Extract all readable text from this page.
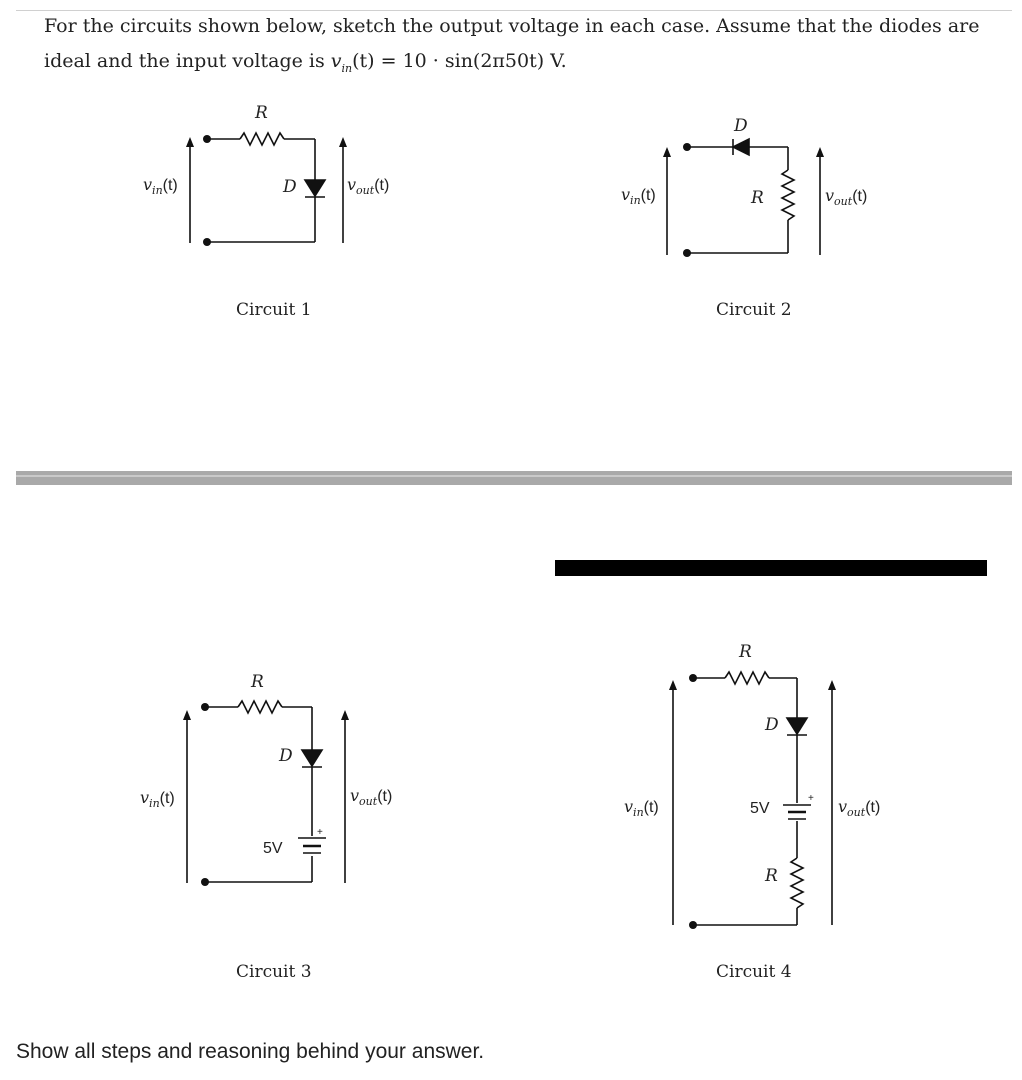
For the circuits shown below, sketch the output voltage in each case. Assume that the diodes are
ideal and the input voltage is $v_{in}(t) = 10 \cdot \sin(2\pi 50t)$ V.
$v_{in}(t)$
R
D	$v_{out}(t)$
Circuit 1
$v_{in}(t)$
D
R	$v_{out}(t)$
Circuit 2
$v_{in}(t)$
R
D
5V
+
$v_{out}(t)$
Circuit 3
$v_{in}(t)$
R
D
5V
+
R
$v_{out}(t)$
Circuit 4
Show all steps and reasoning behind your answer.
